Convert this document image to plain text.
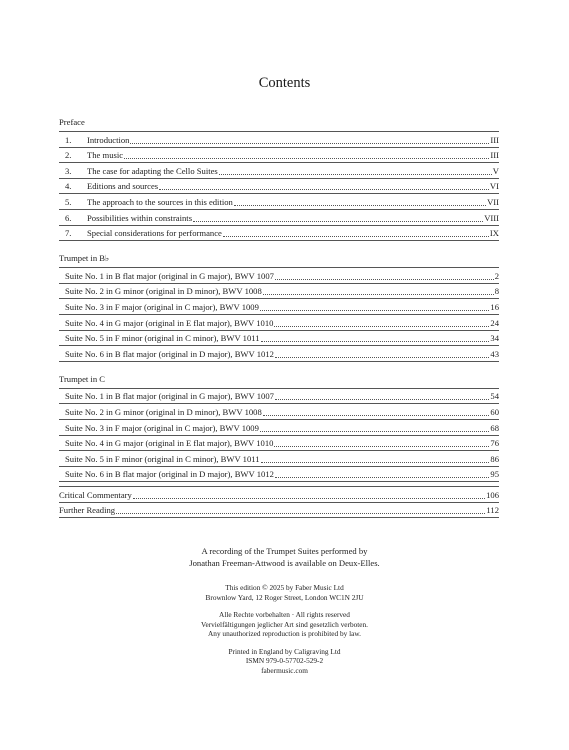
Contents
Preface
1.	Introduction	III
2.	The music	III
3.	The case for adapting the Cello Suites	V
4.	Editions and sources	VI
5.	The approach to the sources in this edition	VII
6.	Possibilities within constraints	VIII
7.	Special considerations for performance	IX
Trumpet in B♭
Suite No. 1 in B flat major (original in G major), BWV 1007	2
Suite No. 2 in G minor (original in D minor), BWV 1008	8
Suite No. 3 in F major (original in C major), BWV 1009	16
Suite No. 4 in G major (original in E flat major), BWV 1010	24
Suite No. 5 in F minor (original in C minor), BWV 1011	34
Suite No. 6 in B flat major (original in D major), BWV 1012	43
Trumpet in C
Suite No. 1 in B flat major (original in G major), BWV 1007	54
Suite No. 2 in G minor (original in D minor), BWV 1008	60
Suite No. 3 in F major (original in C major), BWV 1009	68
Suite No. 4 in G major (original in E flat major), BWV 1010	76
Suite No. 5 in F minor (original in C minor), BWV 1011	86
Suite No. 6 in B flat major (original in D major), BWV 1012	95
Critical Commentary	106
Further Reading	112
A recording of the Trumpet Suites performed by
Jonathan Freeman-Attwood is available on Deux-Elles.
This edition © 2025 by Faber Music Ltd
Brownlow Yard, 12 Roger Street, London WC1N 2JU
Alle Rechte vorbehalten · All rights reserved
Vervielfältigungen jeglicher Art sind gesetzlich verboten.
Any unauthorized reproduction is prohibited by law.
Printed in England by Caligraving Ltd
ISMN 979-0-57702-529-2
fabermusic.com
